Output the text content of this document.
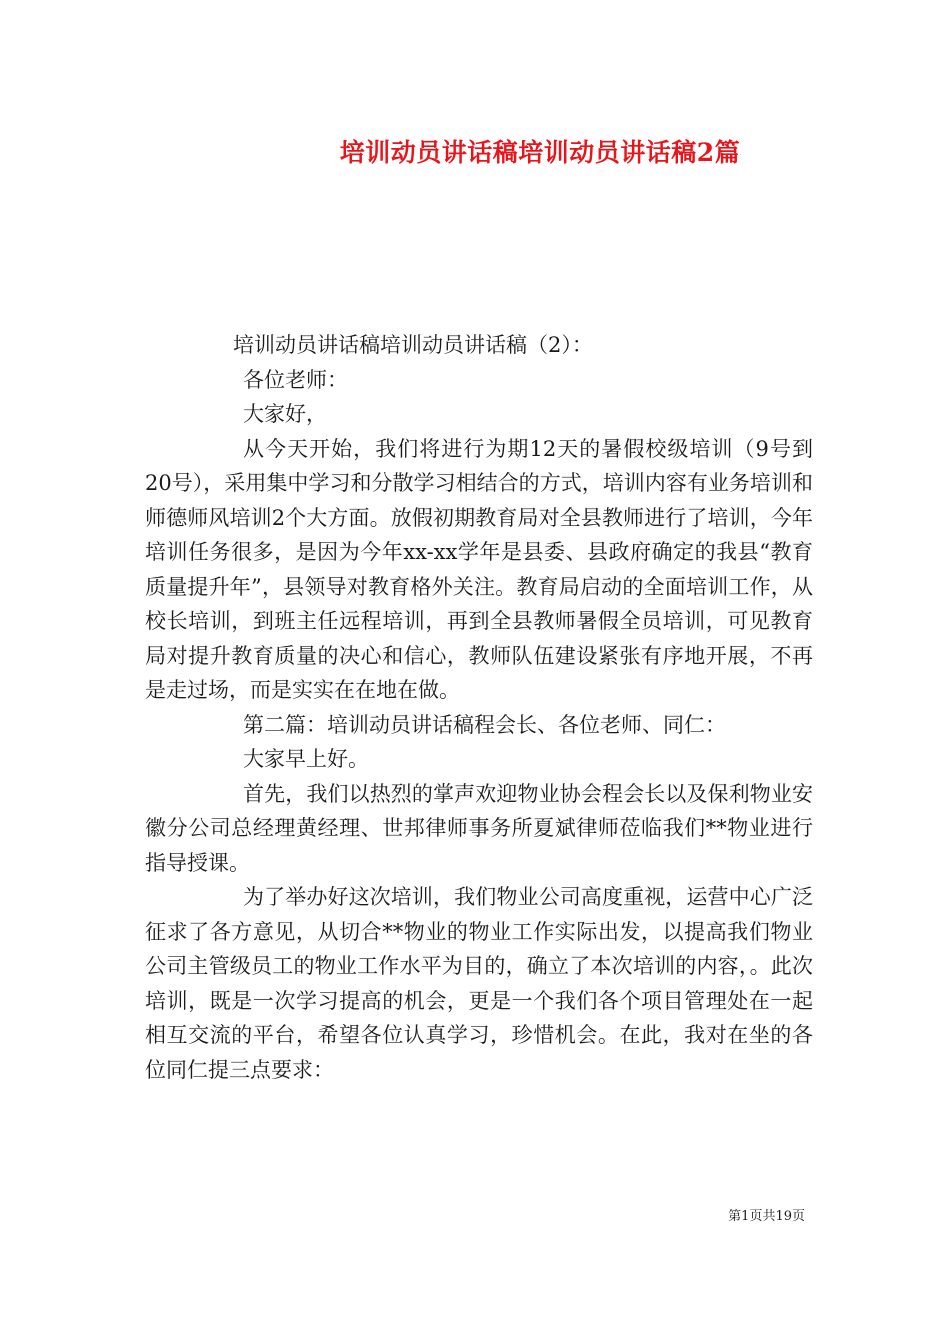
培训动员讲话稿培训动员讲话稿2篇

培训动员讲话稿培训动员讲话稿（2）：

各位老师：

大家好，

从今天开始，我们将进行为期12天的暑假校级培训（9号到20号），采用集中学习和分散学习相结合的方式，培训内容有业务培训和师德师风培训2个大方面。放假初期教育局对全县教师进行了培训，今年培训任务很多，是因为今年xx-xx学年是县委、县政府确定的我县“教育质量提升年”，县领导对教育格外关注。教育局启动的全面培训工作，从校长培训，到班主任远程培训，再到全县教师暑假全员培训，可见教育局对提升教育质量的决心和信心，教师队伍建设紧张有序地开展，不再是走过场，而是实实在在地在做。

第二篇：培训动员讲话稿程会长、各位老师、同仁：

大家早上好。

首先，我们以热烈的掌声欢迎物业协会程会长以及保利物业安徽分公司总经理黄经理、世邦律师事务所夏斌律师莅临我们**物业进行指导授课。

为了举办好这次培训，我们物业公司高度重视，运营中心广泛征求了各方意见，从切合**物业的物业工作实际出发，以提高我们物业公司主管级员工的物业工作水平为目的，确立了本次培训的内容，。此次培训，既是一次学习提高的机会，更是一个我们各个项目管理处在一起相互交流的平台，希望各位认真学习，珍惜机会。在此，我对在坐的各位同仁提三点要求：

第1页共19页
